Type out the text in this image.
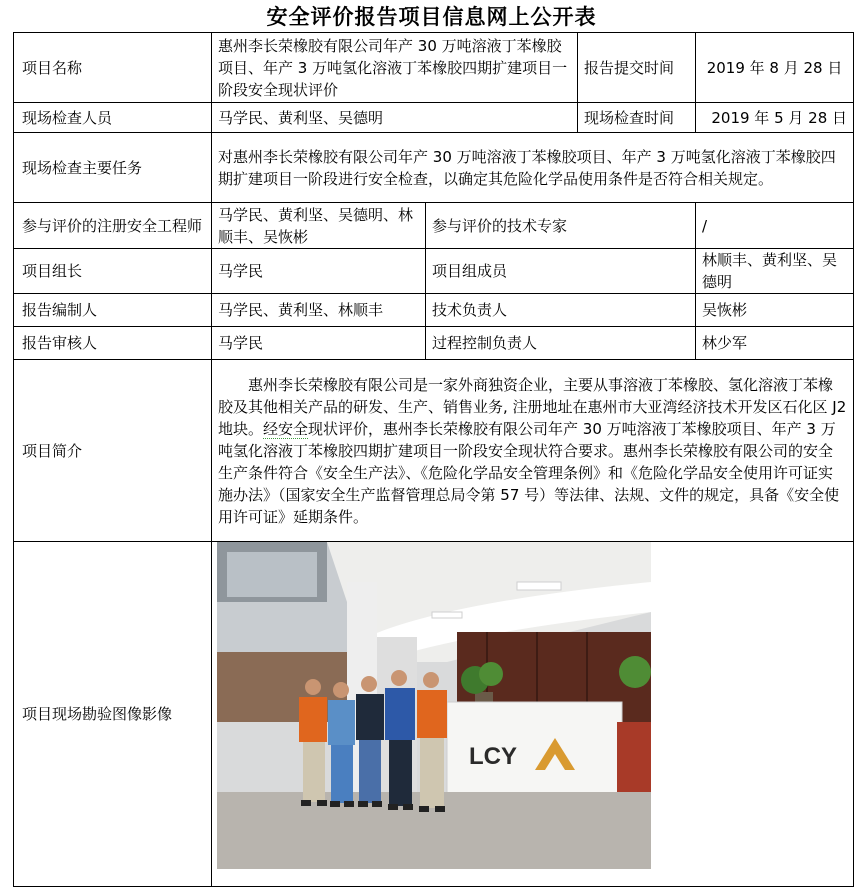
安全评价报告项目信息网上公开表
项目名称	惠州李长荣橡胶有限公司年产 30 万吨溶液丁苯橡胶项目、年产 3 万吨氢化溶液丁苯橡胶四期扩建项目一阶段安全现状评价		报告提交时间	2019 年 8 月 28 日
现场检查人员	马学民、黄利坚、吴德明		现场检查时间	2019 年 5 月 28 日
现场检查主要任务	对惠州李长荣橡胶有限公司年产 30 万吨溶液丁苯橡胶项目、年产 3 万吨氢化溶液丁苯橡胶四期扩建项目一阶段进行安全检查，以确定其危险化学品使用条件是否符合相关规定。			
参与评价的注册安全工程师	马学民、黄利坚、吴德明、林顺丰、吴恢彬	参与评价的技术专家		/
项目组长	马学民	项目组成员		林顺丰、黄利坚、吴德明
报告编制人	马学民、黄利坚、林顺丰	技术负责人		吴恢彬
报告审核人	马学民	过程控制负责人		林少军
项目简介	惠州李长荣橡胶有限公司是一家外商独资企业，主要从事溶液丁苯橡胶、氢化溶液丁苯橡胶及其他相关产品的研发、生产、销售业务, 注册地址在惠州市大亚湾经济技术开发区石化区 J2 地块。经安全现状评价，惠州李长荣橡胶有限公司年产 30 万吨溶液丁苯橡胶项目、年产 3 万吨氢化溶液丁苯橡胶四期扩建项目一阶段安全现状符合要求。惠州李长荣橡胶有限公司的安全生产条件符合《安全生产法》、《危险化学品安全管理条例》和《危险化学品安全使用许可证实施办法》（国家安全生产监督管理总局令第 57 号）等法律、法规、文件的规定，具备《安全使用许可证》延期条件。			
项目现场勘验图像影像	LCY			
